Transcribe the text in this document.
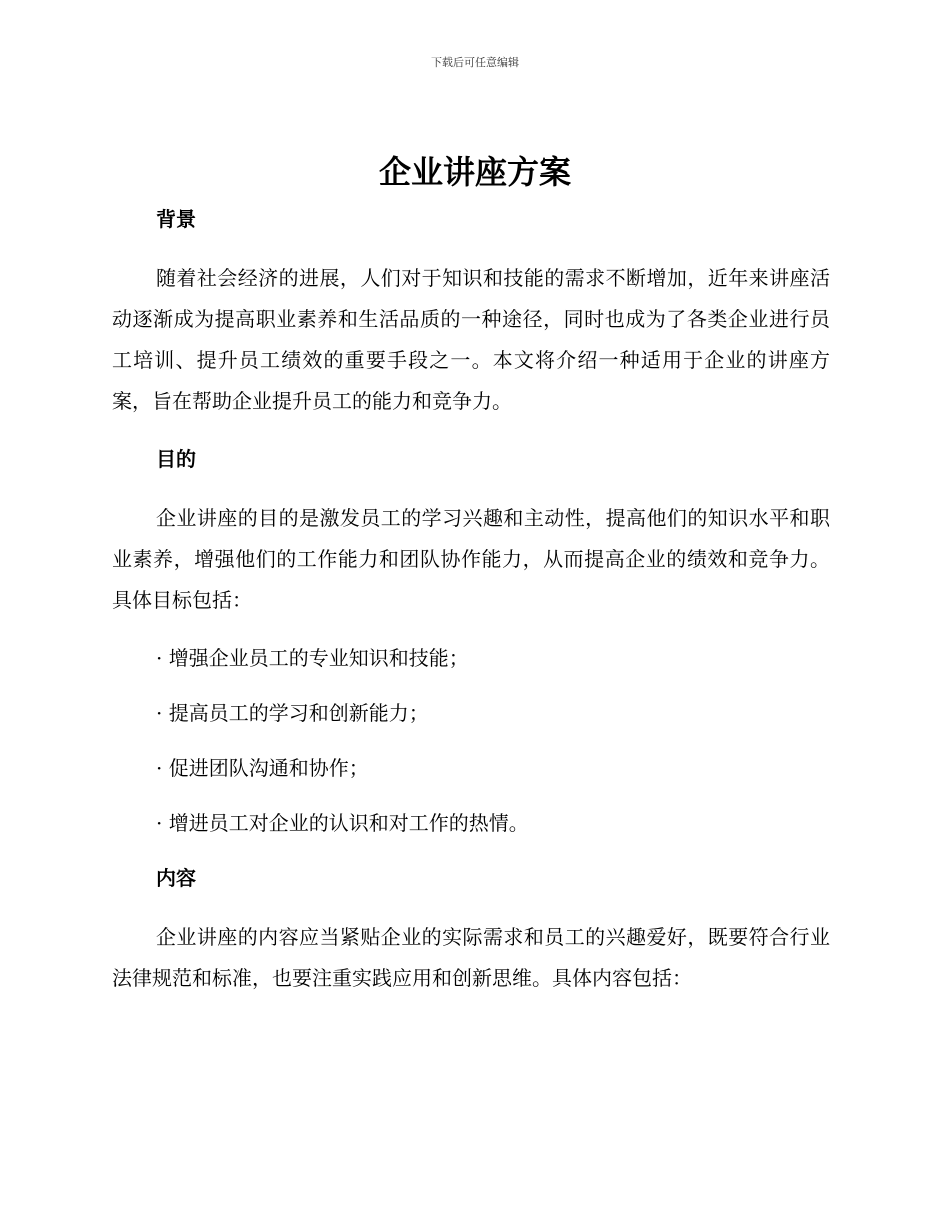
下载后可任意编辑
企业讲座方案
背景

随着社会经济的进展，人们对于知识和技能的需求不断增加，近年来讲座活动逐渐成为提高职业素养和生活品质的一种途径，同时也成为了各类企业进行员工培训、提升员工绩效的重要手段之一。本文将介绍一种适用于企业的讲座方案，旨在帮助企业提升员工的能力和竞争力。

目的

企业讲座的目的是激发员工的学习兴趣和主动性，提高他们的知识水平和职业素养，增强他们的工作能力和团队协作能力，从而提高企业的绩效和竞争力。具体目标包括：

· 增强企业员工的专业知识和技能；

· 提高员工的学习和创新能力；

· 促进团队沟通和协作；

· 增进员工对企业的认识和对工作的热情。

内容

企业讲座的内容应当紧贴企业的实际需求和员工的兴趣爱好，既要符合行业法律规范和标准，也要注重实践应用和创新思维。具体内容包括：
